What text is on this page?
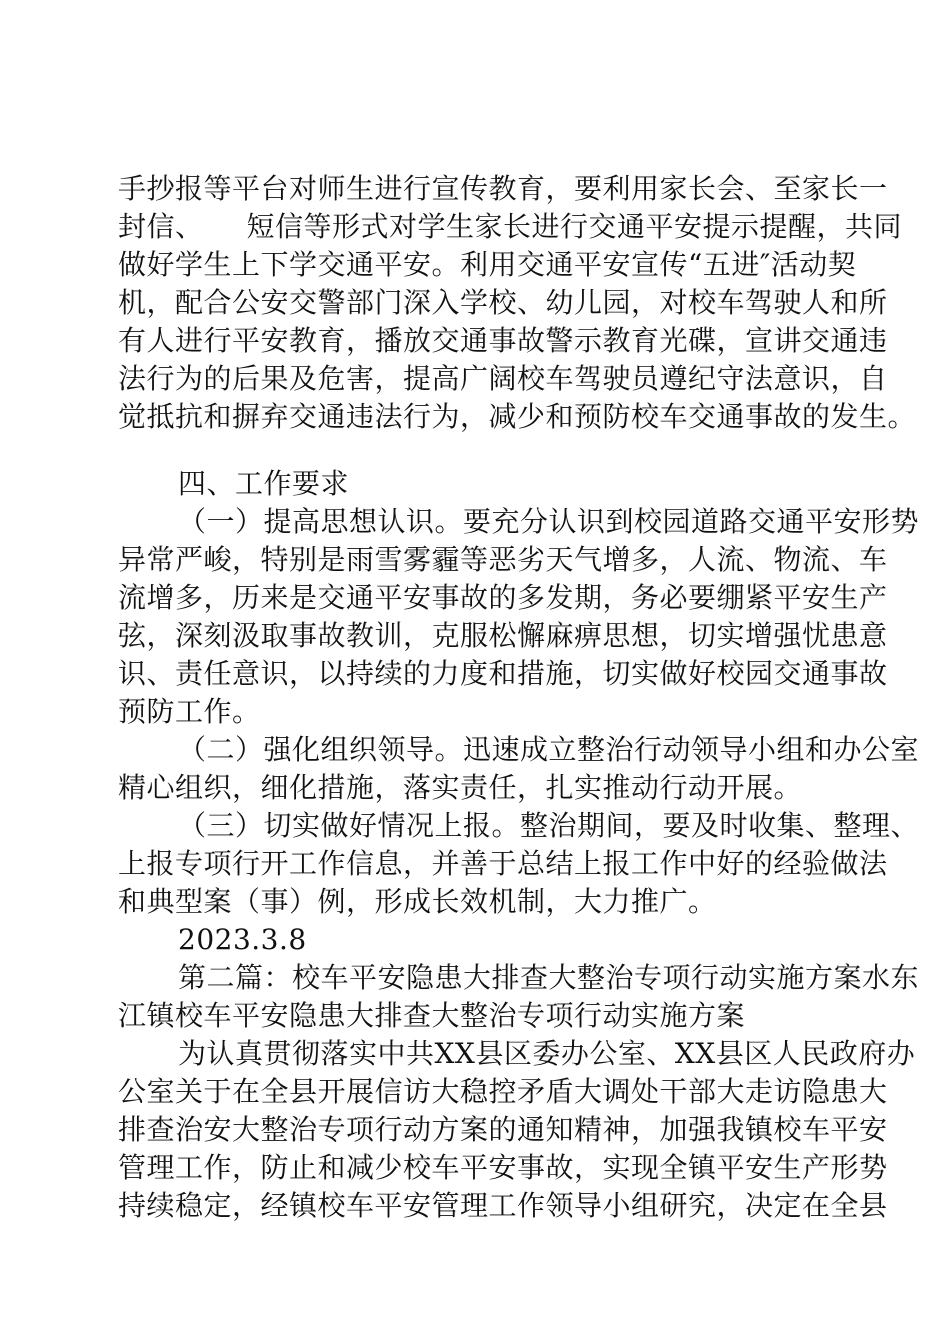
手抄报等平台对师生进行宣传教育，要利用家长会、至家长一
封信、　　短信等形式对学生家长进行交通平安提示提醒，共同
做好学生上下学交通平安。利用交通平安宣传“五进″活动契
机，配合公安交警部门深入学校、幼儿园，对校车驾驶人和所
有人进行平安教育，播放交通事故警示教育光碟，宣讲交通违
法行为的后果及危害，提高广阔校车驾驶员遵纪守法意识，自
觉抵抗和摒弃交通违法行为，减少和预防校车交通事故的发生。
四、工作要求
（一）提高思想认识。要充分认识到校园道路交通平安形势
异常严峻，特别是雨雪雾霾等恶劣天气增多，人流、物流、车
流增多，历来是交通平安事故的多发期，务必要绷紧平安生产
弦，深刻汲取事故教训，克服松懈麻痹思想，切实增强忧患意
识、责任意识，以持续的力度和措施，切实做好校园交通事故
预防工作。
（二）强化组织领导。迅速成立整治行动领导小组和办公室
精心组织，细化措施，落实责任，扎实推动行动开展。
（三）切实做好情况上报。整治期间，要及时收集、整理、
上报专项行开工作信息，并善于总结上报工作中好的经验做法
和典型案（事）例，形成长效机制，大力推广。
2023.3.8
第二篇：校车平安隐患大排查大整治专项行动实施方案水东
江镇校车平安隐患大排查大整治专项行动实施方案
为认真贯彻落实中共XX县区委办公室、XX县区人民政府办
公室关于在全县开展信访大稳控矛盾大调处干部大走访隐患大
排查治安大整治专项行动方案的通知精神，加强我镇校车平安
管理工作，防止和减少校车平安事故，实现全镇平安生产形势
持续稳定，经镇校车平安管理工作领导小组研究，决定在全县
